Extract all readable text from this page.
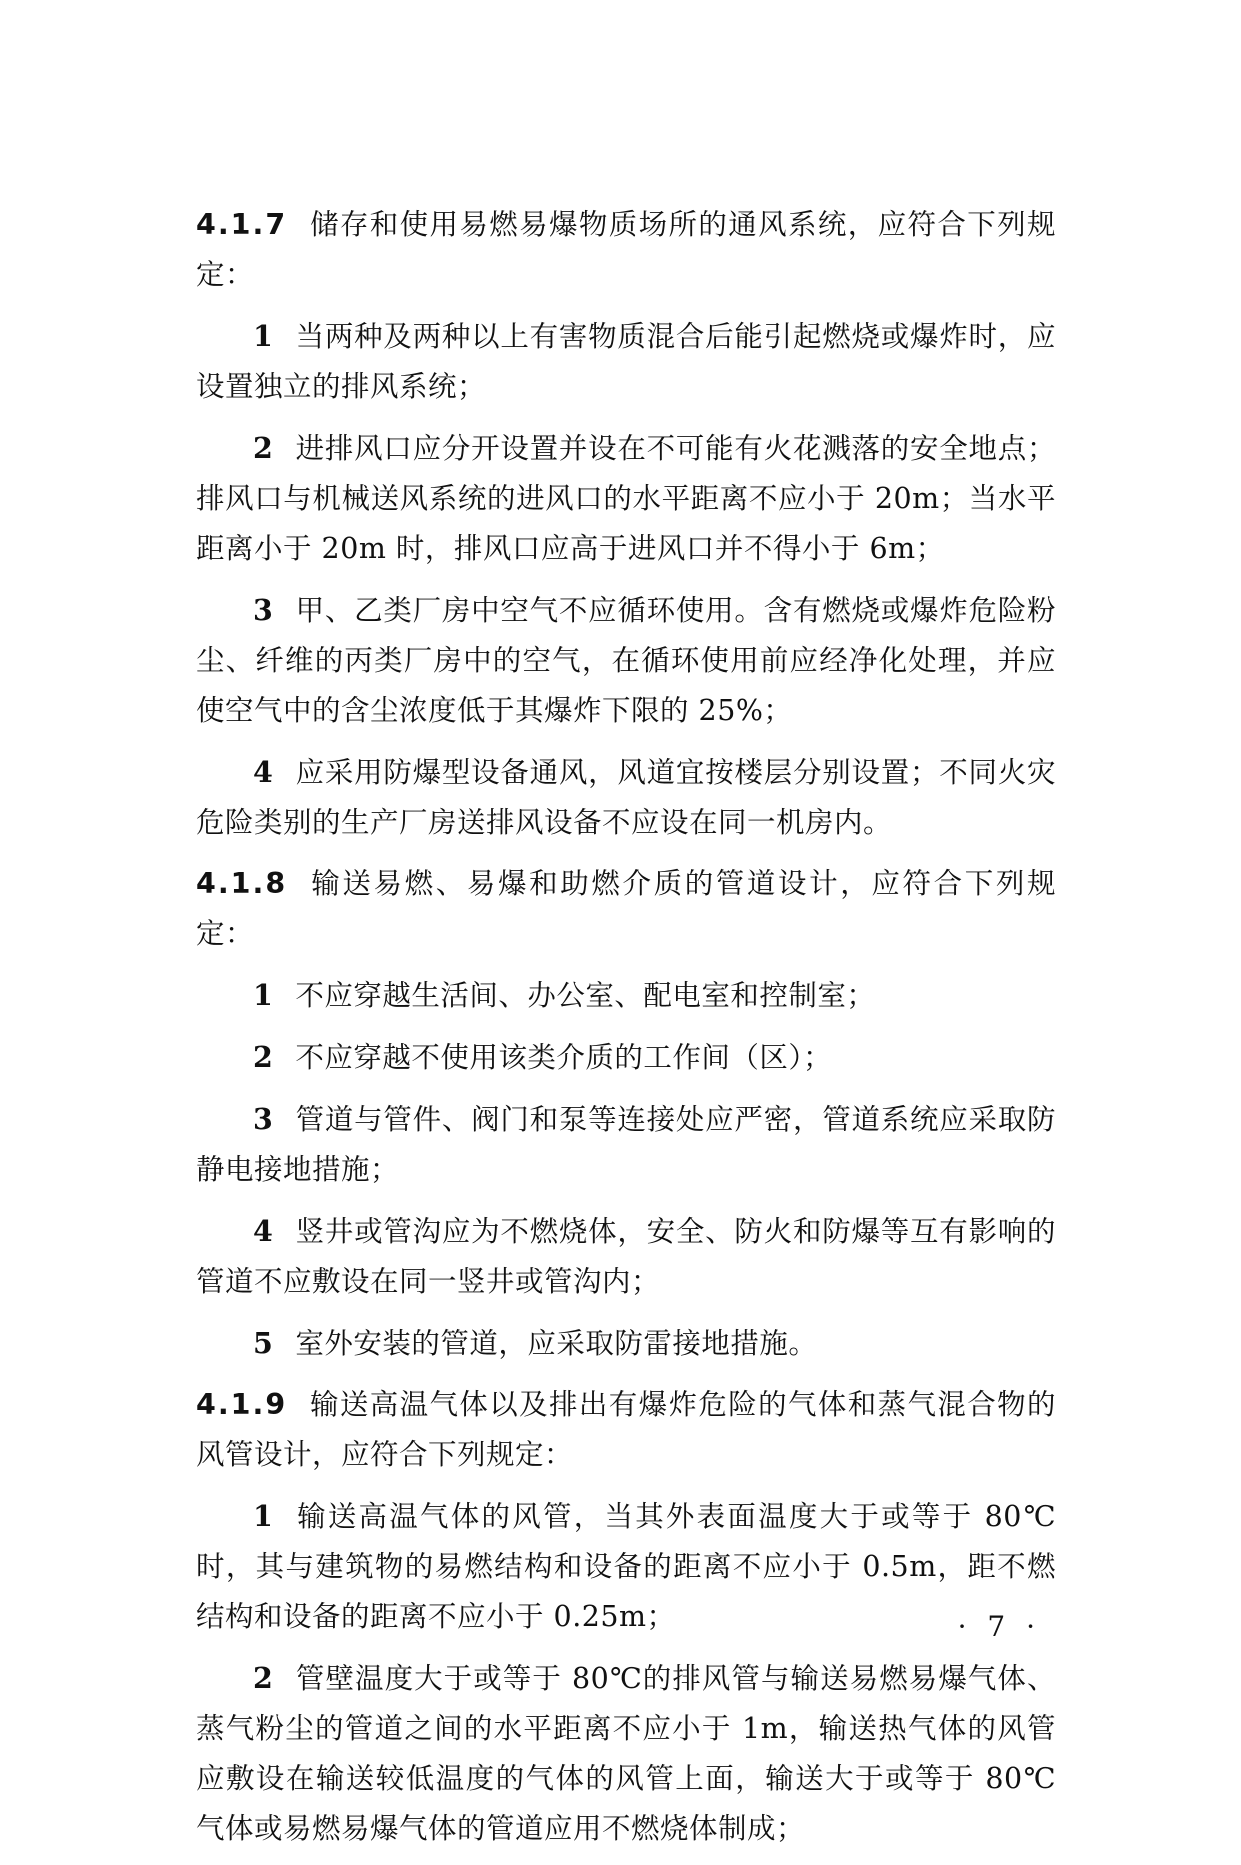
4.1.7 储存和使用易燃易爆物质场所的通风系统，应符合下列规定：

1 当两种及两种以上有害物质混合后能引起燃烧或爆炸时，应设置独立的排风系统；

2 进排风口应分开设置并设在不可能有火花溅落的安全地点；排风口与机械送风系统的进风口的水平距离不应小于 20m；当水平距离小于 20m 时，排风口应高于进风口并不得小于 6m；

3 甲、乙类厂房中空气不应循环使用。含有燃烧或爆炸危险粉尘、纤维的丙类厂房中的空气，在循环使用前应经净化处理，并应使空气中的含尘浓度低于其爆炸下限的 25%；

4 应采用防爆型设备通风，风道宜按楼层分别设置；不同火灾危险类别的生产厂房送排风设备不应设在同一机房内。

4.1.8 输送易燃、易爆和助燃介质的管道设计，应符合下列规定：

1 不应穿越生活间、办公室、配电室和控制室；

2 不应穿越不使用该类介质的工作间（区）；

3 管道与管件、阀门和泵等连接处应严密，管道系统应采取防静电接地措施；

4 竖井或管沟应为不燃烧体，安全、防火和防爆等互有影响的管道不应敷设在同一竖井或管沟内；

5 室外安装的管道，应采取防雷接地措施。

4.1.9 输送高温气体以及排出有爆炸危险的气体和蒸气混合物的风管设计，应符合下列规定：

1 输送高温气体的风管，当其外表面温度大于或等于 80℃时，其与建筑物的易燃结构和设备的距离不应小于 0.5m，距不燃结构和设备的距离不应小于 0.25m；

2 管壁温度大于或等于 80℃的排风管与输送易燃易爆气体、蒸气粉尘的管道之间的水平距离不应小于 1m，输送热气体的风管应敷设在输送较低温度的气体的风管上面，输送大于或等于 80℃气体或易燃易爆气体的管道应用不燃烧体制成；

· 7 ·
